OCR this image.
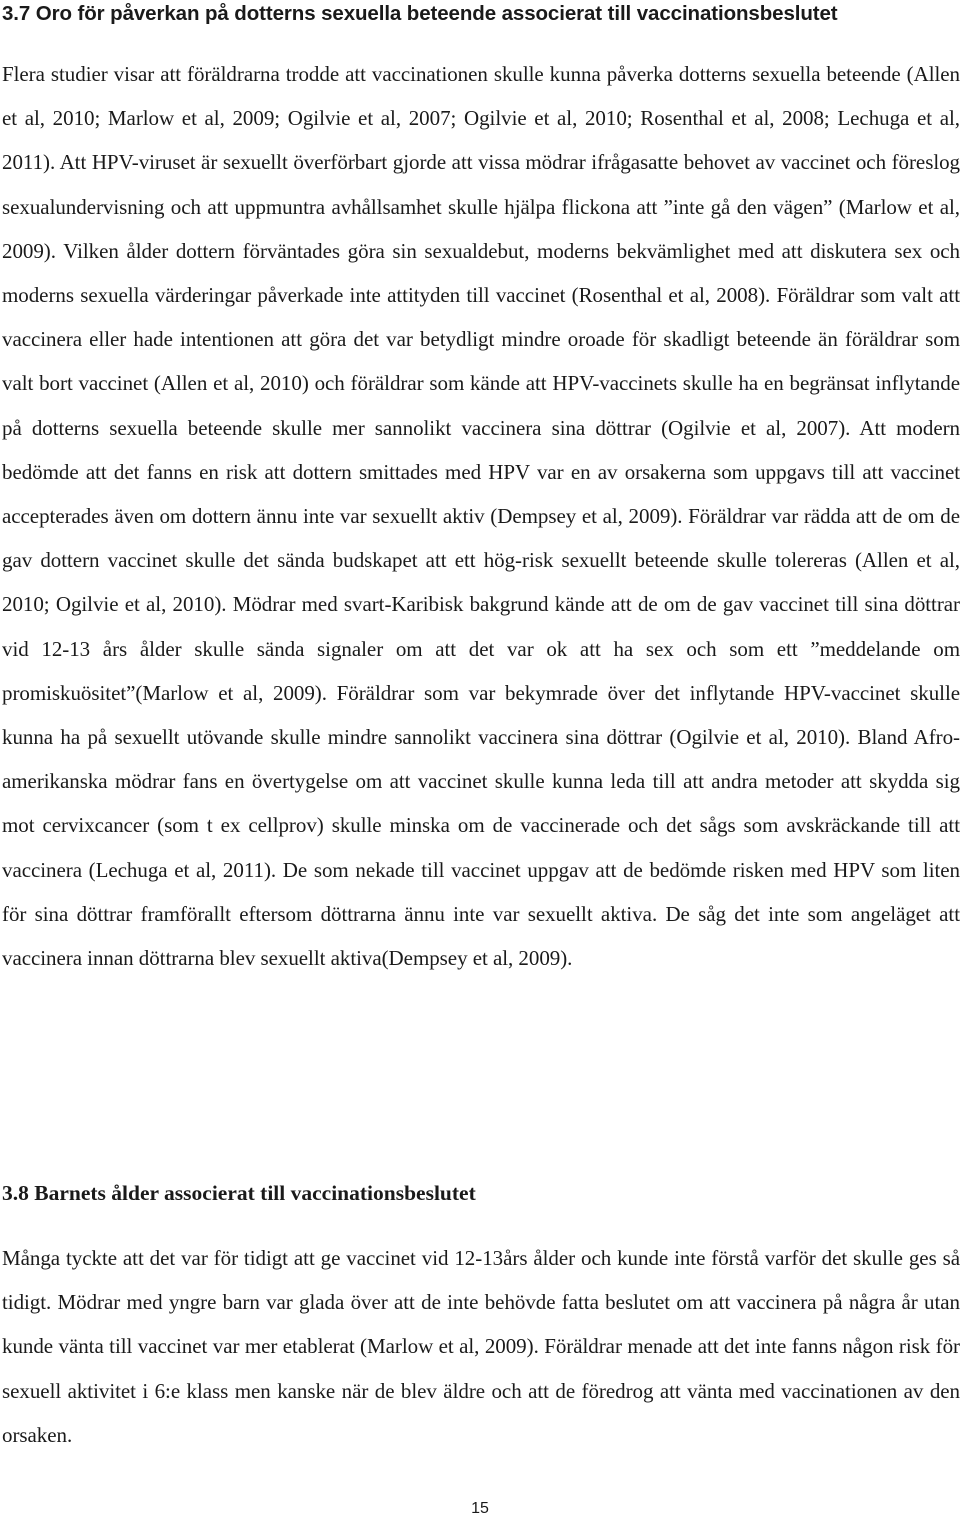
3.7 Oro för påverkan på dotterns sexuella beteende associerat till vaccinationsbeslutet

Flera studier visar att föräldrarna trodde att vaccinationen skulle kunna påverka dotterns sexuella beteende (Allen et al, 2010; Marlow et al, 2009; Ogilvie et al, 2007; Ogilvie et al, 2010; Rosenthal et al, 2008; Lechuga et al, 2011). Att HPV-viruset är sexuellt överförbart gjorde att vissa mödrar ifrågasatte behovet av vaccinet och föreslog sexualundervisning och att uppmuntra avhållsamhet skulle hjälpa flickona att ”inte gå den vägen” (Marlow et al, 2009). Vilken ålder dottern förväntades göra sin sexualdebut, moderns bekvämlighet med att diskutera sex och moderns sexuella värderingar påverkade inte attityden till vaccinet (Rosenthal et al, 2008). Föräldrar som valt att vaccinera eller hade intentionen att göra det var betydligt mindre oroade för skadligt beteende än föräldrar som valt bort vaccinet (Allen et al, 2010) och föräldrar som kände att HPV-vaccinets skulle ha en begränsat inflytande på dotterns sexuella beteende skulle mer sannolikt vaccinera sina döttrar (Ogilvie et al, 2007). Att modern bedömde att det fanns en risk att dottern smittades med HPV var en av orsakerna som uppgavs till att vaccinet accepterades även om dottern ännu inte var sexuellt aktiv (Dempsey et al, 2009). Föräldrar var rädda att de om de gav dottern vaccinet skulle det sända budskapet att ett hög-risk sexuellt beteende skulle tolereras (Allen et al, 2010; Ogilvie et al, 2010). Mödrar med svart-Karibisk bakgrund kände att de om de gav vaccinet till sina döttrar vid 12-13 års ålder skulle sända signaler om att det var ok att ha sex och som ett ”meddelande om promiskuösitet”(Marlow et al, 2009). Föräldrar som var bekymrade över det inflytande HPV-vaccinet skulle kunna ha på sexuellt utövande skulle mindre sannolikt vaccinera sina döttrar (Ogilvie et al, 2010). Bland Afro-amerikanska mödrar fans en övertygelse om att vaccinet skulle kunna leda till att andra metoder att skydda sig mot cervixcancer (som t ex cellprov) skulle minska om de vaccinerade och det sågs som avskräckande till att vaccinera (Lechuga et al, 2011). De som nekade till vaccinet uppgav att de bedömde risken med HPV som liten för sina döttrar framförallt eftersom döttrarna ännu inte var sexuellt aktiva. De såg det inte som angeläget att vaccinera innan döttrarna blev sexuellt aktiva(Dempsey et al, 2009).

3.8 Barnets ålder associerat till vaccinationsbeslutet

Många tyckte att det var för tidigt att ge vaccinet vid 12-13års ålder och kunde inte förstå varför det skulle ges så tidigt. Mödrar med yngre barn var glada över att de inte behövde fatta beslutet om att vaccinera på några år utan kunde vänta till vaccinet var mer etablerat (Marlow et al, 2009). Föräldrar menade att det inte fanns någon risk för sexuell aktivitet i 6:e klass men kanske när de blev äldre och att de föredrog att vänta med vaccinationen av den orsaken.

15
